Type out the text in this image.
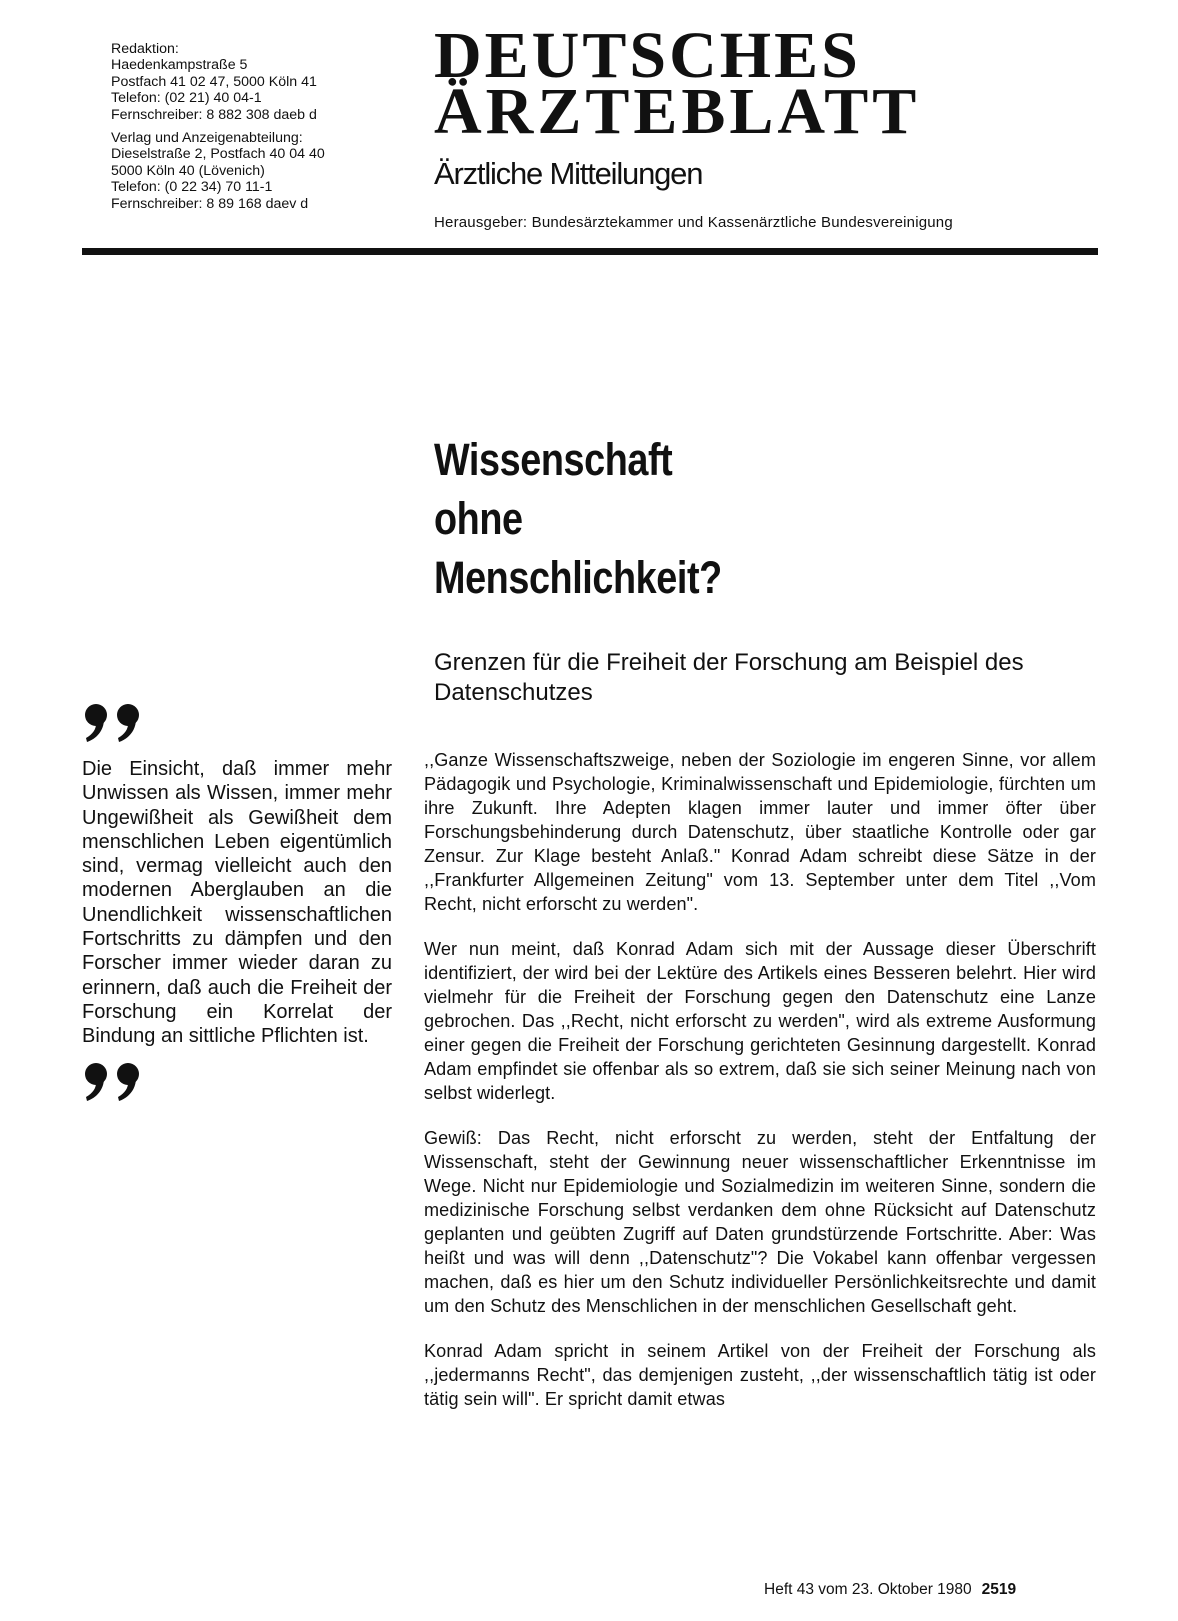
Redaktion:
Haedenkampstraße 5
Postfach 41 02 47, 5000 Köln 41
Telefon: (02 21) 40 04-1
Fernschreiber: 8 882 308 daeb d
Verlag und Anzeigenabteilung:
Dieselstraße 2, Postfach 40 04 40
5000 Köln 40 (Lövenich)
Telefon: (0 22 34) 70 11-1
Fernschreiber: 8 89 168 daev d
DEUTSCHES
ÄRZTEBLATT
Ärztliche Mitteilungen
Herausgeber: Bundesärztekammer und Kassenärztliche Bundesvereinigung
Wissenschaft
ohne
Menschlichkeit?
Grenzen für die Freiheit der Forschung am Beispiel des Datenschutzes
Die Einsicht, daß immer mehr Unwissen als Wissen, immer mehr Ungewißheit als Gewißheit dem menschlichen Leben eigentümlich sind, vermag vielleicht auch den modernen Aberglauben an die Unendlichkeit wissenschaftlichen Fortschritts zu dämpfen und den Forscher immer wieder daran zu erinnern, daß auch die Freiheit der Forschung ein Korrelat der Bindung an sittliche Pflichten ist.

,,Ganze Wissenschaftszweige, neben der Soziologie im engeren Sinne, vor allem Pädagogik und Psychologie, Kriminalwissenschaft und Epidemiologie, fürchten um ihre Zukunft. Ihre Adepten klagen immer lauter und immer öfter über Forschungsbehinderung durch Datenschutz, über staatliche Kontrolle oder gar Zensur. Zur Klage besteht Anlaß." Konrad Adam schreibt diese Sätze in der ,,Frankfurter Allgemeinen Zeitung" vom 13. September unter dem Titel ,,Vom Recht, nicht erforscht zu werden".

Wer nun meint, daß Konrad Adam sich mit der Aussage dieser Überschrift identifiziert, der wird bei der Lektüre des Artikels eines Besseren belehrt. Hier wird vielmehr für die Freiheit der Forschung gegen den Datenschutz eine Lanze gebrochen. Das ,,Recht, nicht erforscht zu werden", wird als extreme Ausformung einer gegen die Freiheit der Forschung gerichteten Gesinnung dargestellt. Konrad Adam empfindet sie offenbar als so extrem, daß sie sich seiner Meinung nach von selbst widerlegt.

Gewiß: Das Recht, nicht erforscht zu werden, steht der Entfaltung der Wissenschaft, steht der Gewinnung neuer wissenschaftlicher Erkenntnisse im Wege. Nicht nur Epidemiologie und Sozialmedizin im weiteren Sinne, sondern die medizinische Forschung selbst verdanken dem ohne Rücksicht auf Datenschutz geplanten und geübten Zugriff auf Daten grundstürzende Fortschritte. Aber: Was heißt und was will denn ,,Datenschutz"? Die Vokabel kann offenbar vergessen machen, daß es hier um den Schutz individueller Persönlichkeitsrechte und damit um den Schutz des Menschlichen in der menschlichen Gesellschaft geht.

Konrad Adam spricht in seinem Artikel von der Freiheit der Forschung als ,,jedermanns Recht", das demjenigen zusteht, ,,der wissenschaftlich tätig ist oder tätig sein will". Er spricht damit etwas

Heft 43 vom 23. Oktober 1980 2519
